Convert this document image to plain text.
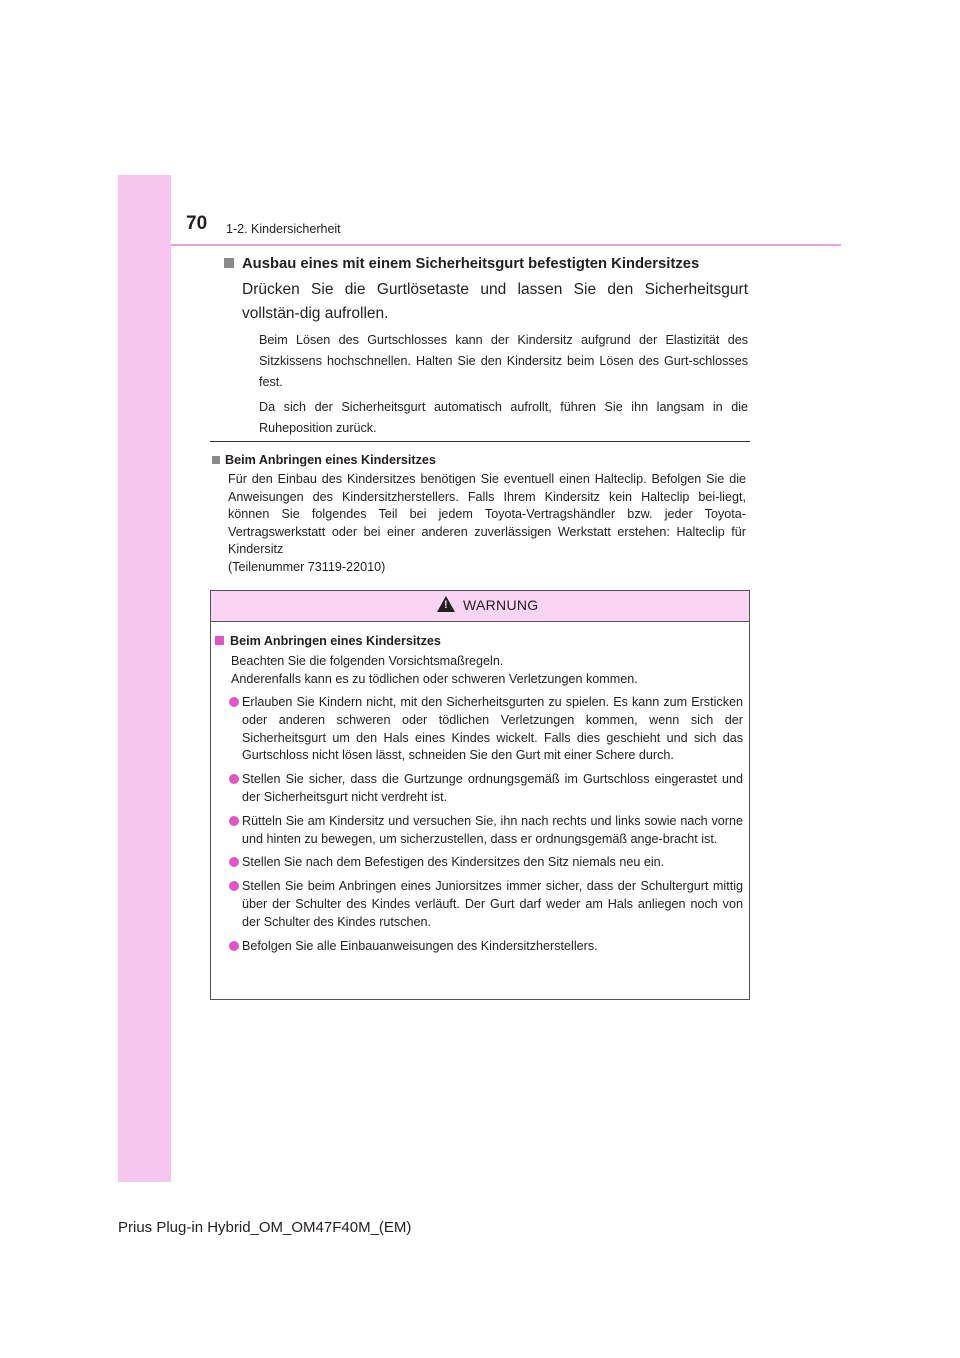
70 1-2. Kindersicherheit

Ausbau eines mit einem Sicherheitsgurt befestigten Kindersitzes

Drücken Sie die Gurtlösetaste und lassen Sie den Sicherheitsgurt vollstän-dig aufrollen.

Beim Lösen des Gurtschlosses kann der Kindersitz aufgrund der Elastizität des Sitzkissens hochschnellen. Halten Sie den Kindersitz beim Lösen des Gurt-schlosses fest.

Da sich der Sicherheitsgurt automatisch aufrollt, führen Sie ihn langsam in die Ruheposition zurück.

Beim Anbringen eines Kindersitzes

Für den Einbau des Kindersitzes benötigen Sie eventuell einen Halteclip. Befolgen Sie die Anweisungen des Kindersitzherstellers. Falls Ihrem Kindersitz kein Halteclip bei-liegt, können Sie folgendes Teil bei jedem Toyota-Vertragshändler bzw. jeder Toyota-Vertragswerkstatt oder bei einer anderen zuverlässigen Werkstatt erstehen: Halteclip für Kindersitz

(Teilenummer 73119-22010)

! WARNUNG

Beim Anbringen eines Kindersitzes

Beachten Sie die folgenden Vorsichtsmaßregeln.

Anderenfalls kann es zu tödlichen oder schweren Verletzungen kommen.

Erlauben Sie Kindern nicht, mit den Sicherheitsgurten zu spielen. Es kann zum Ersticken oder anderen schweren oder tödlichen Verletzungen kommen, wenn sich der Sicherheitsgurt um den Hals eines Kindes wickelt. Falls dies geschieht und sich das Gurtschloss nicht lösen lässt, schneiden Sie den Gurt mit einer Schere durch.
Stellen Sie sicher, dass die Gurtzunge ordnungsgemäß im Gurtschloss eingerastet und der Sicherheitsgurt nicht verdreht ist.
Rütteln Sie am Kindersitz und versuchen Sie, ihn nach rechts und links sowie nach vorne und hinten zu bewegen, um sicherzustellen, dass er ordnungsgemäß ange-bracht ist.
Stellen Sie nach dem Befestigen des Kindersitzes den Sitz niemals neu ein.
Stellen Sie beim Anbringen eines Juniorsitzes immer sicher, dass der Schultergurt mittig über der Schulter des Kindes verläuft. Der Gurt darf weder am Hals anliegen noch von der Schulter des Kindes rutschen.
Befolgen Sie alle Einbauanweisungen des Kindersitzherstellers.
Prius Plug-in Hybrid_OM_OM47F40M_(EM)
